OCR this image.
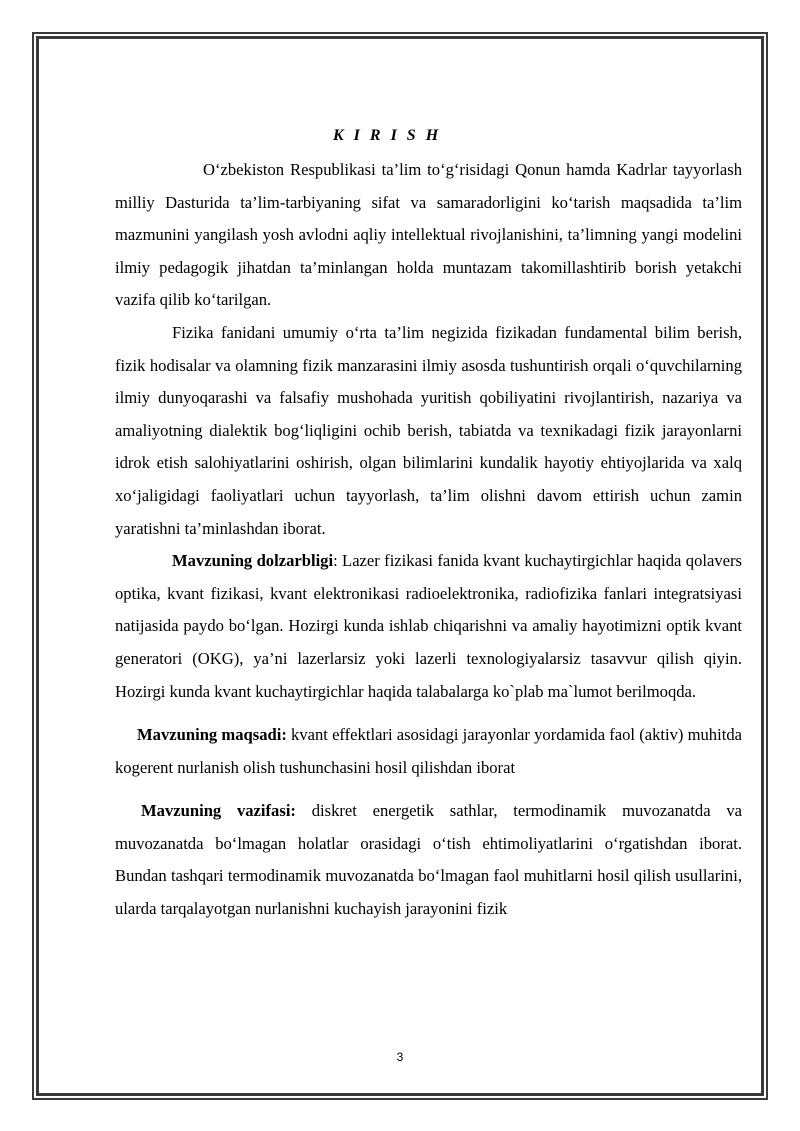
K I R I S H

O‘zbekiston Respublikasi ta’lim to‘g‘risidagi Qonun hamda Kadrlar tayyorlash milliy Dasturida ta’lim-tarbiyaning sifat va samaradorligini ko‘tarish maqsadida ta’lim mazmunini yangilash yosh avlodni aqliy intellektual rivojlanishini, ta’limning yangi modelini ilmiy pedagogik jihatdan ta’minlangan holda muntazam takomillashtirib borish yetakchi vazifa qilib ko‘tarilgan.

Fizika fanidani umumiy o‘rta ta’lim negizida fizikadan fundamental bilim berish, fizik hodisalar va olamning fizik manzarasini ilmiy asosda tushuntirish orqali o‘quvchilarning ilmiy dunyoqarashi va falsafiy mushohada yuritish qobiliyatini rivojlantirish, nazariya va amaliyotning dialektik bog‘liqligini ochib berish, tabiatda va texnikadagi fizik jarayonlarni idrok etish salohiyatlarini oshirish, olgan bilimlarini kundalik hayotiy ehtiyojlarida va xalq xo‘jaligidagi faoliyatlari uchun tayyorlash, ta’lim olishni davom ettirish uchun zamin yaratishni ta’minlashdan iborat.

Mavzuning dolzarbligi: Lazer fizikasi fanida kvant kuchaytirgichlar haqida qolavers optika, kvant fizikasi, kvant elektronikasi radioelektronika, radiofizika fanlari integratsiyasi natijasida paydo bo‘lgan. Hozirgi kunda ishlab chiqarishni va amaliy hayotimizni optik kvant generatori (OKG), ya’ni lazerlarsiz yoki lazerli texnologiyalarsiz tasavvur qilish qiyin. Hozirgi kunda kvant kuchaytirgichlar haqida talabalarga ko`plab ma`lumot berilmoqda.

Mavzuning maqsadi: kvant effektlari asosidagi jarayonlar yordamida faol (aktiv) muhitda kogerent nurlanish olish tushunchasini hosil qilishdan iborat

Mavzuning vazifasi: diskret energetik sathlar, termodinamik muvozanatda va muvozanatda bo‘lmagan holatlar orasidagi o‘tish ehtimoliyatlarini o‘rgatishdan iborat. Bundan tashqari termodinamik muvozanatda bo‘lmagan faol muhitlarni hosil qilish usullarini, ularda tarqalayotgan nurlanishni kuchayish jarayonini fizik

3
